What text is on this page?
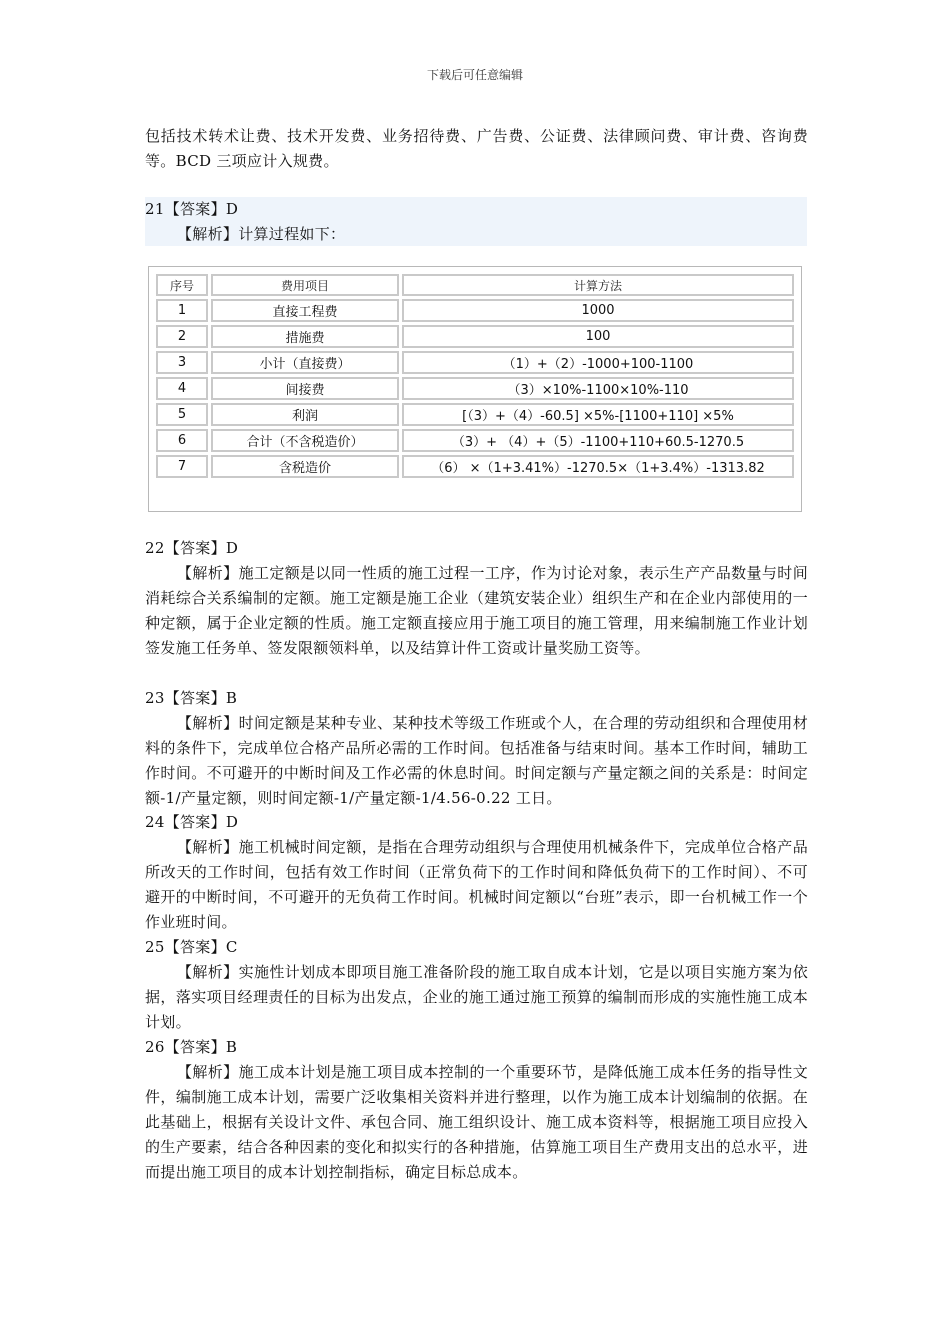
下载后可任意编辑
包括技术转术让费、技术开发费、业务招待费、广告费、公证费、法律顾问费、审计费、咨询费等。BCD 三项应计入规费。
21【答案】D
【解析】计算过程如下：
序号	费用项目	计算方法
1	直接工程费	1000
2	措施费	100
3	小计（直接费）	（1）+（2）-1000+100-1100
4	间接费	（3）×10%-1100×10%-110
5	利润	[（3）+（4）-60.5] ×5%-[1100+110] ×5%
6	合计（不含税造价）	（3）+ （4）+（5）-1100+110+60.5-1270.5
7	含税造价	（6） ×（1+3.41%）-1270.5×（1+3.4%）-1313.82
22【答案】D
【解析】施工定额是以同一性质的施工过程一工序，作为讨论对象，表示生产产品数量与时间消耗综合关系编制的定额。施工定额是施工企业（建筑安装企业）组织生产和在企业内部使用的一种定额，属于企业定额的性质。施工定额直接应用于施工项目的施工管理，用来编制施工作业计划签发施工任务单、签发限额领料单，以及结算计件工资或计量奖励工资等。
23【答案】B
【解析】时间定额是某种专业、某种技术等级工作班或个人，在合理的劳动组织和合理使用材料的条件下，完成单位合格产品所必需的工作时间。包括准备与结束时间。基本工作时间，辅助工作时间。不可避开的中断时间及工作必需的休息时间。时间定额与产量定额之间的关系是：时间定额-1/产量定额，则时间定额-1/产量定额-1/4.56-0.22 工日。
24【答案】D
【解析】施工机械时间定额，是指在合理劳动组织与合理使用机械条件下，完成单位合格产品所改天的工作时间，包括有效工作时间（正常负荷下的工作时间和降低负荷下的工作时间）、不可避开的中断时间，不可避开的无负荷工作时间。机械时间定额以“台班”表示，即一台机械工作一个作业班时间。
25【答案】C
【解析】实施性计划成本即项目施工准备阶段的施工取自成本计划，它是以项目实施方案为依据，落实项目经理责任的目标为出发点，企业的施工通过施工预算的编制而形成的实施性施工成本计划。
26【答案】B
【解析】施工成本计划是施工项目成本控制的一个重要环节，是降低施工成本任务的指导性文件，编制施工成本计划，需要广泛收集相关资料并进行整理，以作为施工成本计划编制的依据。在此基础上，根据有关设计文件、承包合同、施工组织设计、施工成本资料等，根据施工项目应投入的生产要素，结合各种因素的变化和拟实行的各种措施，估算施工项目生产费用支出的总水平，进而提出施工项目的成本计划控制指标，确定目标总成本。
